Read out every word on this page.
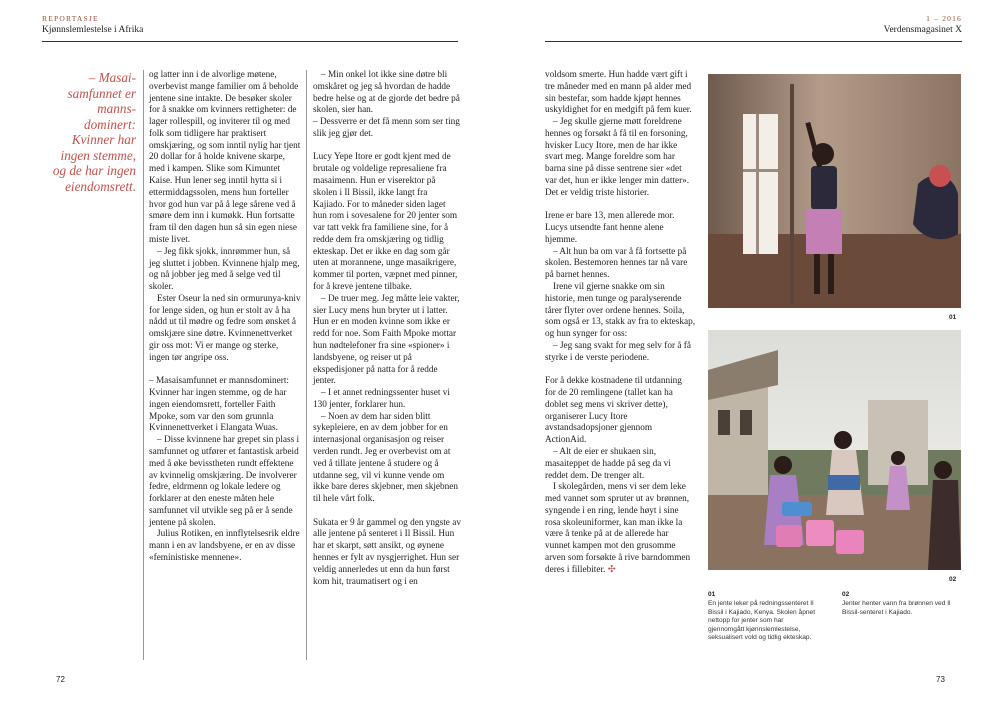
REPORTASJE
Kjønnslemlestelse i Afrika
1 – 2016
Verdensmagasinet X
– Masaisamfunnet er mannsdominert: Kvinner har ingen stemme, og de har ingen eiendomsrett.

og latter inn i de alvorlige møtene, overbevist mange familier om å beholde jentene sine intakte. De besøker skoler for å snakke om kvinners rettigheter: de lager rollespill, og inviterer til og med folk som tidligere har praktisert omskjæring, og som inntil nylig har tjent 20 dollar for å holde knivene skarpe, med i kampen. Slike som Kimuntet Kaise. Hun lener seg inntil hytta si i ettermiddagssolen, mens hun forteller hvor god hun var på å lege sårene ved å smøre dem inn i kumøkk. Hun fortsatte fram til den dagen hun så sin egen niese miste livet.

– Jeg fikk sjokk, innrømmer hun, så jeg sluttet i jobben. Kvinnene hjalp meg, og nå jobber jeg med å selge ved til skoler.

Ester Oseur la ned sin ormurunya-kniv for lenge siden, og hun er stolt av å ha nådd ut til mødre og fedre som ønsket å omskjære sine døtre. Kvinnenettverket gir oss mot: Vi er mange og sterke, ingen tør angripe oss.

– Masaisamfunnet er mannsdominert: Kvinner har ingen stemme, og de har ingen eiendomsrett, forteller Faith Mpoke, som var den som grunnla Kvinnenettverket i Elangata Wuas.

– Disse kvinnene har grepet sin plass i samfunnet og utfører et fantastisk arbeid med å øke bevisstheten rundt effektene av kvinnelig omskjæring. De involverer fedre, eldrmenn og lokale ledere og forklarer at den eneste måten hele samfunnet vil utvikle seg på er å sende jentene på skolen.

Julius Rotiken, en innflytelsesrik eldre mann i en av landsbyene, er en av disse «feministiske mennene».

– Min onkel lot ikke sine døtre bli omskåret og jeg så hvordan de hadde bedre helse og at de gjorde det bedre på skolen, sier han.

– Dessverre er det få menn som ser ting slik jeg gjør det.

Lucy Yepe Itore er godt kjent med de brutale og voldelige represaliene fra masaimenn. Hun er viserektor på skolen i Il Bissil, ikke langt fra Kajiado. For to måneder siden laget hun rom i sovesalene for 20 jenter som var tatt vekk fra familiene sine, for å redde dem fra omskjæring og tidlig ekteskap. Det er ikke en dag som går uten at morannene, unge masaikrigere, kommer til porten, væpnet med pinner, for å kreve jentene tilbake.

– De truer meg. Jeg måtte leie vakter, sier Lucy mens hun bryter ut i latter. Hun er en moden kvinne som ikke er redd for noe. Som Faith Mpoke mottar hun nødtelefoner fra sine «spioner» i landsbyene, og reiser ut på ekspedisjoner på natta for å redde jenter.

– I et annet redningssenter huset vi 130 jenter, forklarer hun.

– Noen av dem har siden blitt sykepleiere, en av dem jobber for en internasjonal organisasjon og reiser verden rundt. Jeg er overbevist om at ved å tillate jentene å studere og å utdanne seg, vil vi kunne vende om ikke bare deres skjebner, men skjebnen til hele vårt folk.

Sukata er 9 år gammel og den yngste av alle jentene på senteret i Il Bissil. Hun har et skarpt, søtt ansikt, og øynene hennes er fylt av nysgjerrighet. Hun ser veldig annerledes ut enn da hun først kom hit, traumatisert og i en

voldsom smerte. Hun hadde vært gift i tre måneder med en mann på alder med sin bestefar, som hadde kjøpt hennes uskyldighet for en medgift på fem kuer.

– Jeg skulle gjerne møtt foreldrene hennes og forsøkt å få til en forsoning, hvisker Lucy Itore, men de har ikke svart meg. Mange foreldre som har barna sine på disse sentrene sier «det var det, hun er ikke lenger min datter». Det er veldig triste historier.

Irene er bare 13, men allerede mor. Lucys utsendte fant henne alene hjemme.

– Alt hun ba om var å få fortsette på skolen. Bestemoren hennes tar nå vare på barnet hennes.

Irene vil gjerne snakke om sin historie, men tunge og paralyserende tårer flyter over ordene hennes. Soila, som også er 13, stakk av fra to ekteskap, og hun synger for oss:

– Jeg sang svakt for meg selv for å få styrke i de verste periodene.

For å dekke kostnadene til utdanning for de 20 remlingene (tallet kan ha doblet seg mens vi skriver dette), organiserer Lucy Itore avstandsadopsjoner gjennom ActionAid.

– Alt de eier er shukaen sin, masaiteppet de hadde på seg da vi reddet dem. De trenger alt.

I skolegården, mens vi ser dem leke med vannet som spruter ut av brønnen, syngende i en ring, lende høyt i sine rosa skoleuniformer, kan man ikke la være å tenke på at de allerede har vunnet kampen mot den grusomme arven som forsøkte å rive barndommen deres i fillebiter. ✣

01
02
01
En jente leker på redningssenteret Il Bissil i Kajiado, Kenya. Skolen åpnet nettopp for jenter som har gjennomgått kjønnslemlestelse, seksualisert vold og tidlig ekteskap.
02
Jenter henter vann fra brønnen ved Il Bissil-senteret i Kajiado.
72	73
